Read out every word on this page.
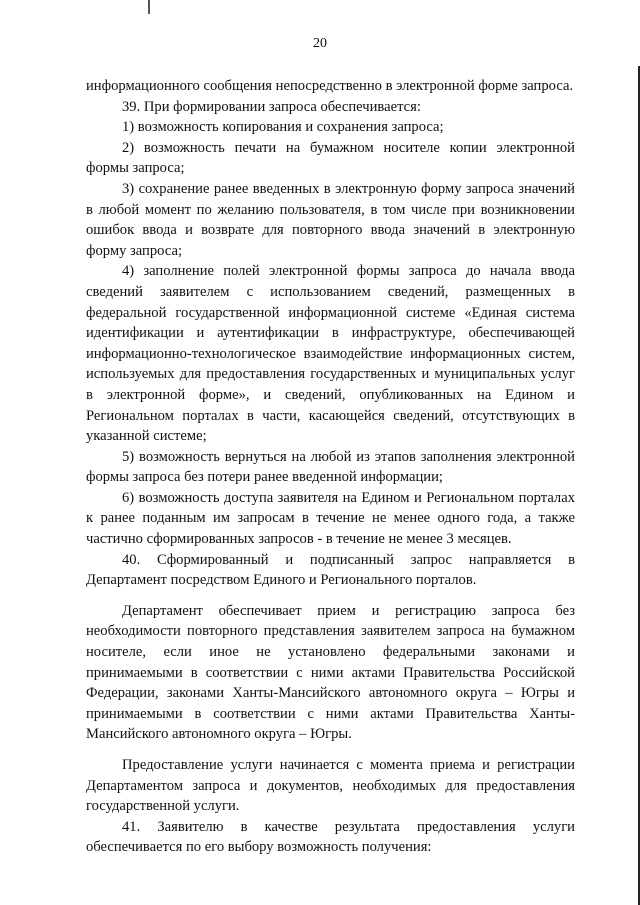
20

информационного сообщения непосредственно в электронной форме запроса.

39. При формировании запроса обеспечивается:

1) возможность копирования и сохранения запроса;

2) возможность печати на бумажном носителе копии электронной формы запроса;

3) сохранение ранее введенных в электронную форму запроса значений в любой момент по желанию пользователя, в том числе при возникновении ошибок ввода и возврате для повторного ввода значений в электронную форму запроса;

4) заполнение полей электронной формы запроса до начала ввода сведений заявителем с использованием сведений, размещенных в федеральной государственной информационной системе «Единая система идентификации и аутентификации в инфраструктуре, обеспечивающей информационно-технологическое взаимодействие информационных систем, используемых для предоставления государственных и муниципальных услуг в электронной форме», и сведений, опубликованных на Едином и Региональном порталах в части, касающейся сведений, отсутствующих в указанной системе;

5) возможность вернуться на любой из этапов заполнения электронной формы запроса без потери ранее введенной информации;

6) возможность доступа заявителя на Едином и Региональном порталах к ранее поданным им запросам в течение не менее одного года, а также частично сформированных запросов - в течение не менее 3 месяцев.

40. Сформированный и подписанный запрос направляется в Департамент посредством Единого и Регионального порталов.

Департамент обеспечивает прием и регистрацию запроса без необходимости повторного представления заявителем запроса на бумажном носителе, если иное не установлено федеральными законами и принимаемыми в соответствии с ними актами Правительства Российской Федерации, законами Ханты-Мансийского автономного округа – Югры и принимаемыми в соответствии с ними актами Правительства Ханты-Мансийского автономного округа – Югры.

Предоставление услуги начинается с момента приема и регистрации Департаментом запроса и документов, необходимых для предоставления государственной услуги.

41. Заявителю в качестве результата предоставления услуги обеспечивается по его выбору возможность получения:
